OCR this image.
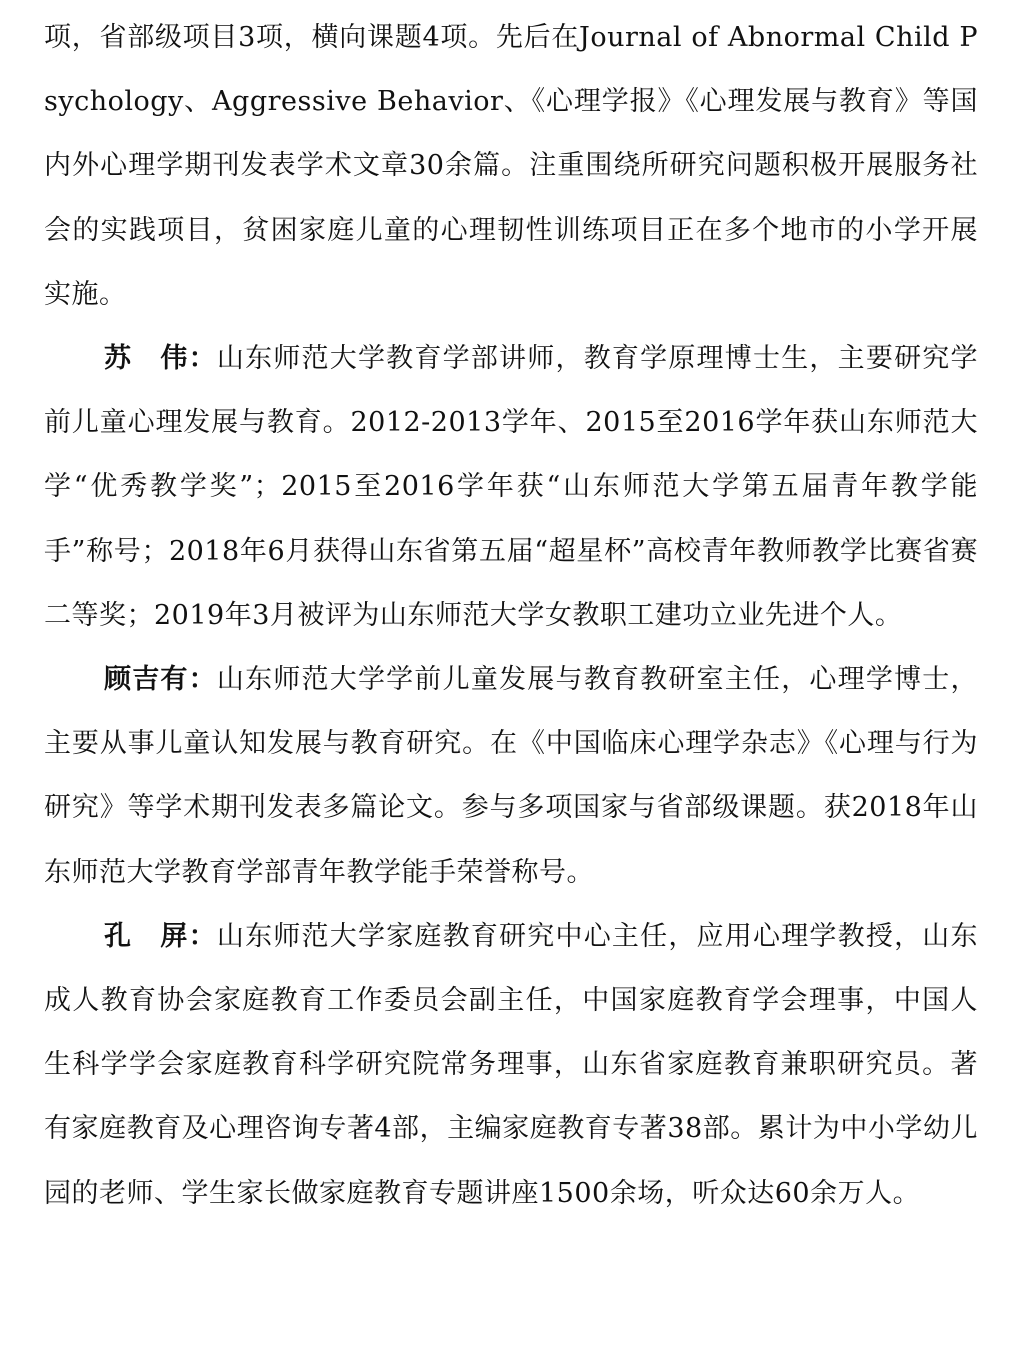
项，省部级项目3项，横向课题4项。先后在Journal of Abnormal Child Psychology、Aggressive Behavior、《心理学报》《心理发展与教育》等国内外心理学期刊发表学术文章30余篇。注重围绕所研究问题积极开展服务社会的实践项目，贫困家庭儿童的心理韧性训练项目正在多个地市的小学开展实施。

苏　伟：山东师范大学教育学部讲师，教育学原理博士生，主要研究学前儿童心理发展与教育。2012-2013学年、2015至2016学年获山东师范大学“优秀教学奖”；2015至2016学年获“山东师范大学第五届青年教学能手”称号；2018年6月获得山东省第五届“超星杯”高校青年教师教学比赛省赛二等奖；2019年3月被评为山东师范大学女教职工建功立业先进个人。

顾吉有：山东师范大学学前儿童发展与教育教研室主任，心理学博士，主要从事儿童认知发展与教育研究。在《中国临床心理学杂志》《心理与行为研究》等学术期刊发表多篇论文。参与多项国家与省部级课题。获2018年山东师范大学教育学部青年教学能手荣誉称号。

孔　屏：山东师范大学家庭教育研究中心主任，应用心理学教授，山东成人教育协会家庭教育工作委员会副主任，中国家庭教育学会理事，中国人生科学学会家庭教育科学研究院常务理事，山东省家庭教育兼职研究员。著有家庭教育及心理咨询专著4部，主编家庭教育专著38部。累计为中小学幼儿园的老师、学生家长做家庭教育专题讲座1500余场，听众达60余万人。
